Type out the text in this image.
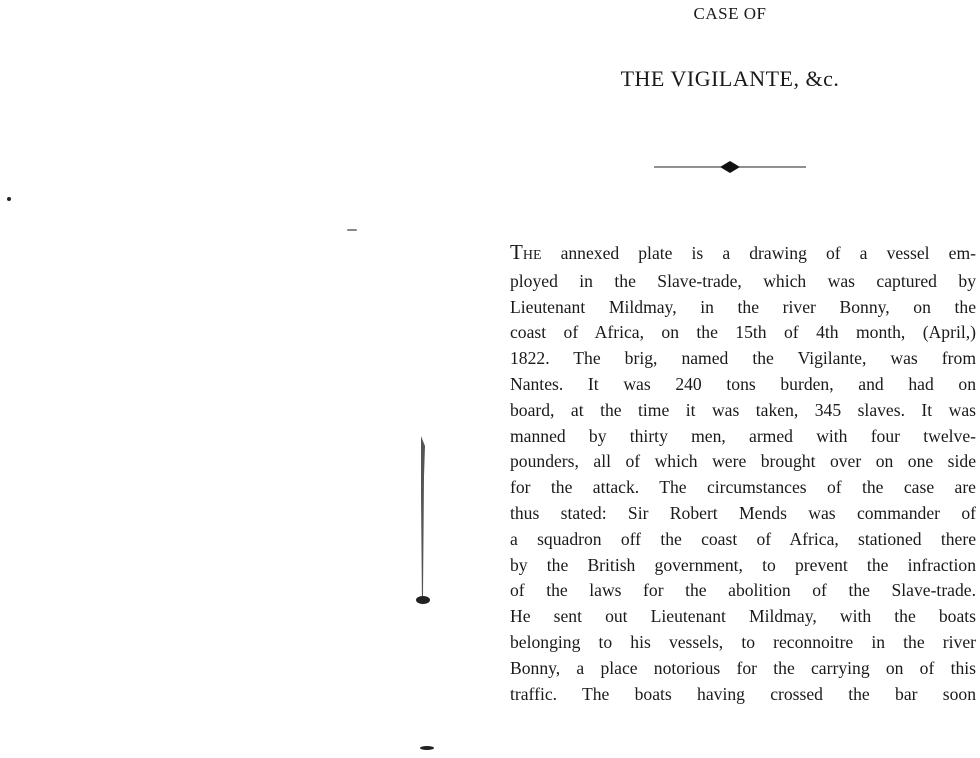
CASE OF
THE VIGILANTE, &c.
THE annexed plate is a drawing of a vessel em-
ployed in the Slave-trade, which was captured by
Lieutenant Mildmay, in the river Bonny, on the
coast of Africa, on the 15th of 4th month, (April,)
1822. The brig, named the Vigilante, was from
Nantes. It was 240 tons burden, and had on
board, at the time it was taken, 345 slaves. It was
manned by thirty men, armed with four twelve-
pounders, all of which were brought over on one side
for the attack. The circumstances of the case are
thus stated: Sir Robert Mends was commander of
a squadron off the coast of Africa, stationed there
by the British government, to prevent the infraction
of the laws for the abolition of the Slave-trade.
He sent out Lieutenant Mildmay, with the boats
belonging to his vessels, to reconnoitre in the river
Bonny, a place notorious for the carrying on of this
traffic. The boats having crossed the bar soon
